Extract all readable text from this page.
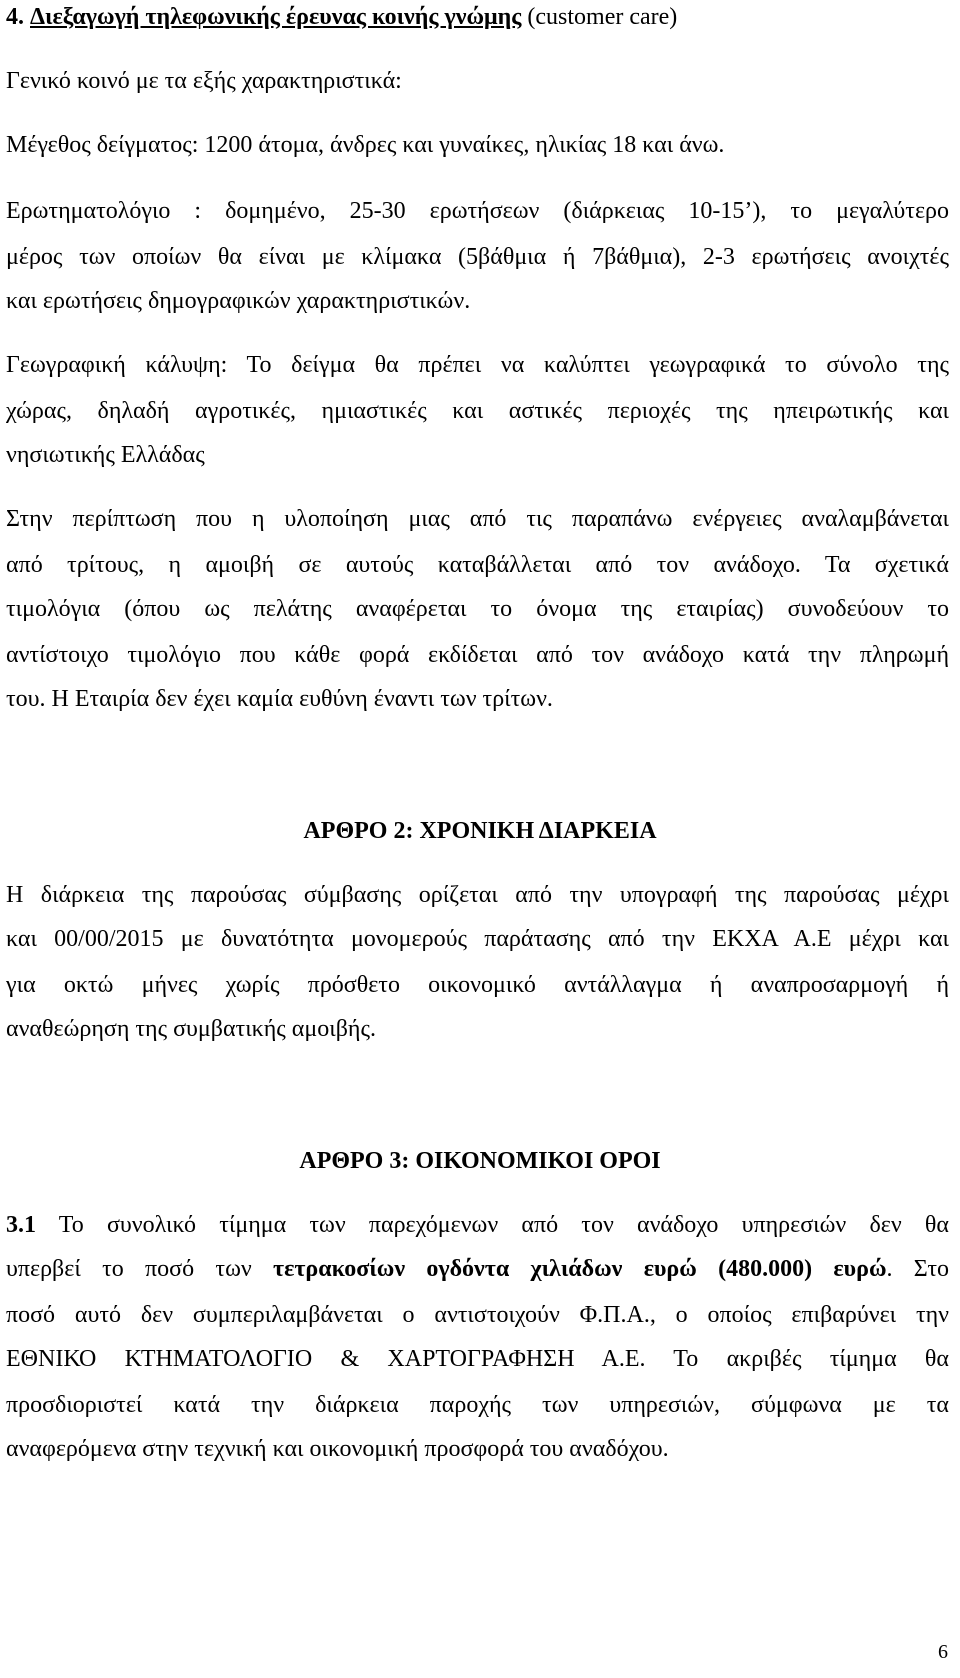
4. Διεξαγωγή τηλεφωνικής έρευνας κοινής γνώμης (customer care)
Γενικό κοινό με τα εξής χαρακτηριστικά:
Μέγεθος δείγματος: 1200 άτομα, άνδρες και γυναίκες, ηλικίας 18 και άνω.
Ερωτηματολόγιο : δομημένο, 25-30 ερωτήσεων (διάρκειας 10-15’), το μεγαλύτερο
μέρος των οποίων θα είναι με κλίμακα (5βάθμια ή 7βάθμια), 2-3 ερωτήσεις ανοιχτές
και ερωτήσεις δημογραφικών χαρακτηριστικών.
Γεωγραφική κάλυψη: Το δείγμα θα πρέπει να καλύπτει γεωγραφικά το σύνολο της
χώρας, δηλαδή αγροτικές, ημιαστικές και αστικές περιοχές της ηπειρωτικής και
νησιωτικής Ελλάδας
Στην περίπτωση που η υλοποίηση μιας από τις παραπάνω ενέργειες αναλαμβάνεται
από τρίτους, η αμοιβή σε αυτούς καταβάλλεται από τον ανάδοχο. Τα σχετικά
τιμολόγια (όπου ως πελάτης αναφέρεται το όνομα της εταιρίας) συνοδεύουν το
αντίστοιχο τιμολόγιο που κάθε φορά εκδίδεται από τον ανάδοχο κατά την πληρωμή
του. Η Εταιρία δεν έχει καμία ευθύνη έναντι των τρίτων.
ΑΡΘΡΟ 2: ΧΡΟΝΙΚΗ ΔΙΑΡΚΕΙΑ
Η διάρκεια της παρούσας σύμβασης ορίζεται από την υπογραφή της παρούσας μέχρι
και 00/00/2015 με δυνατότητα μονομερούς παράτασης από την ΕΚΧΑ Α.Ε μέχρι και
για οκτώ μήνες χωρίς πρόσθετο οικονομικό αντάλλαγμα ή αναπροσαρμογή ή
αναθεώρηση της συμβατικής αμοιβής.
ΑΡΘΡΟ 3: ΟΙΚΟΝΟΜΙΚΟΙ ΟΡΟΙ
3.1 Το συνολικό τίμημα των παρεχόμενων από τον ανάδοχο υπηρεσιών δεν θα
υπερβεί το ποσό των τετρακοσίων ογδόντα χιλιάδων ευρώ (480.000) ευρώ. Στο
ποσό αυτό δεν συμπεριλαμβάνεται ο αντιστοιχούν Φ.Π.Α., ο οποίος επιβαρύνει την
ΕΘΝΙΚΟ ΚΤΗΜΑΤΟΛΟΓΙΟ & ΧΑΡΤΟΓΡΑΦΗΣΗ Α.Ε. Το ακριβές τίμημα θα
προσδιοριστεί κατά την διάρκεια παροχής των υπηρεσιών, σύμφωνα με τα
αναφερόμενα στην τεχνική και οικονομική προσφορά του αναδόχου.
6
